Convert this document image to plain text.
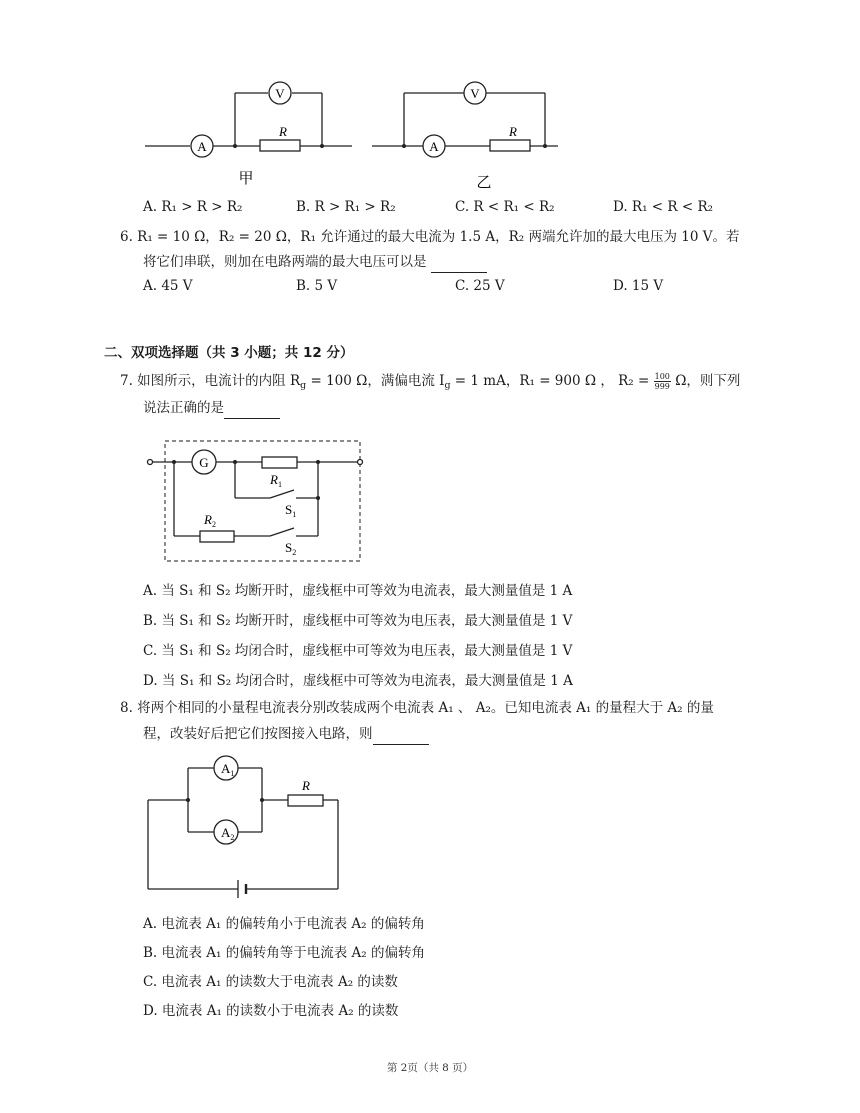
A
V
R
甲
A
V
R
乙
A. R₁ > R > R₂	B. R > R₁ > R₂	C. R < R₁ < R₂	D. R₁ < R < R₂
6. R₁ = 10 Ω，R₂ = 20 Ω，R₁ 允许通过的最大电流为 1.5 A，R₂ 两端允许加的最大电压为 10 V。若
将它们串联，则加在电路两端的最大电压可以是
A. 45 V	B. 5 V	C. 25 V	D. 15 V
二、双项选择题（共 3 小题；共 12 分）
7. 如图所示，电流计的内阻 $R_g = 100$ Ω，满偏电流 $I_g = 1$ mA，R₁ = 900 Ω ， $R_2 = \frac{100}{999}$ Ω，则下列
说法正确的是
G
$R_1$
$S_1$
$R_2$
$S_2$
A. 当 S₁ 和 S₂ 均断开时，虚线框中可等效为电流表，最大测量值是 1 A
B. 当 S₁ 和 S₂ 均断开时，虚线框中可等效为电压表，最大测量值是 1 V
C. 当 S₁ 和 S₂ 均闭合时，虚线框中可等效为电压表，最大测量值是 1 V
D. 当 S₁ 和 S₂ 均闭合时，虚线框中可等效为电流表，最大测量值是 1 A
8. 将两个相同的小量程电流表分别改装成两个电流表 A₁ 、 A₂。已知电流表 A₁ 的量程大于 A₂ 的量
程，改装好后把它们按图接入电路，则
$A_1$
$A_2$
R
A. 电流表 A₁ 的偏转角小于电流表 A₂ 的偏转角
B. 电流表 A₁ 的偏转角等于电流表 A₂ 的偏转角
C. 电流表 A₁ 的读数大于电流表 A₂ 的读数
D. 电流表 A₁ 的读数小于电流表 A₂ 的读数
第 2页（共 8 页）
